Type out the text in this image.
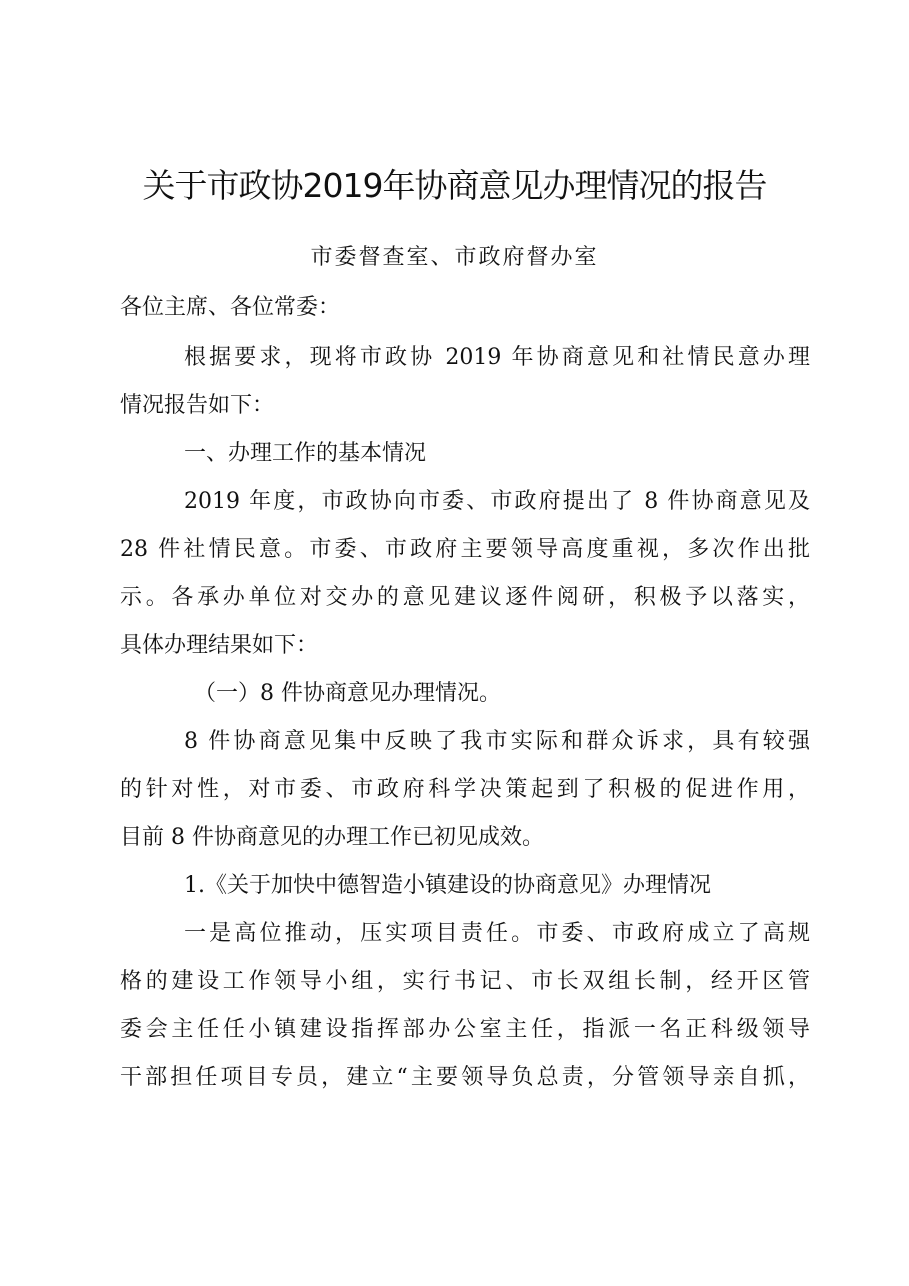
关于市政协2019年协商意见办理情况的报告
市委督查室、市政府督办室
各位主席、各位常委：
根据要求，现将市政协 2019 年协商意见和社情民意办理
情况报告如下：
一、办理工作的基本情况
2019 年度，市政协向市委、市政府提出了 8 件协商意见及
28 件社情民意。市委、市政府主要领导高度重视，多次作出批
示。各承办单位对交办的意见建议逐件阅研，积极予以落实，
具体办理结果如下：
（一）8 件协商意见办理情况。
8 件协商意见集中反映了我市实际和群众诉求，具有较强
的针对性，对市委、市政府科学决策起到了积极的促进作用，
目前 8 件协商意见的办理工作已初见成效。
1.《关于加快中德智造小镇建设的协商意见》办理情况
一是高位推动，压实项目责任。市委、市政府成立了高规
格的建设工作领导小组，实行书记、市长双组长制，经开区管
委会主任任小镇建设指挥部办公室主任，指派一名正科级领导
干部担任项目专员，建立“主要领导负总责，分管领导亲自抓，
